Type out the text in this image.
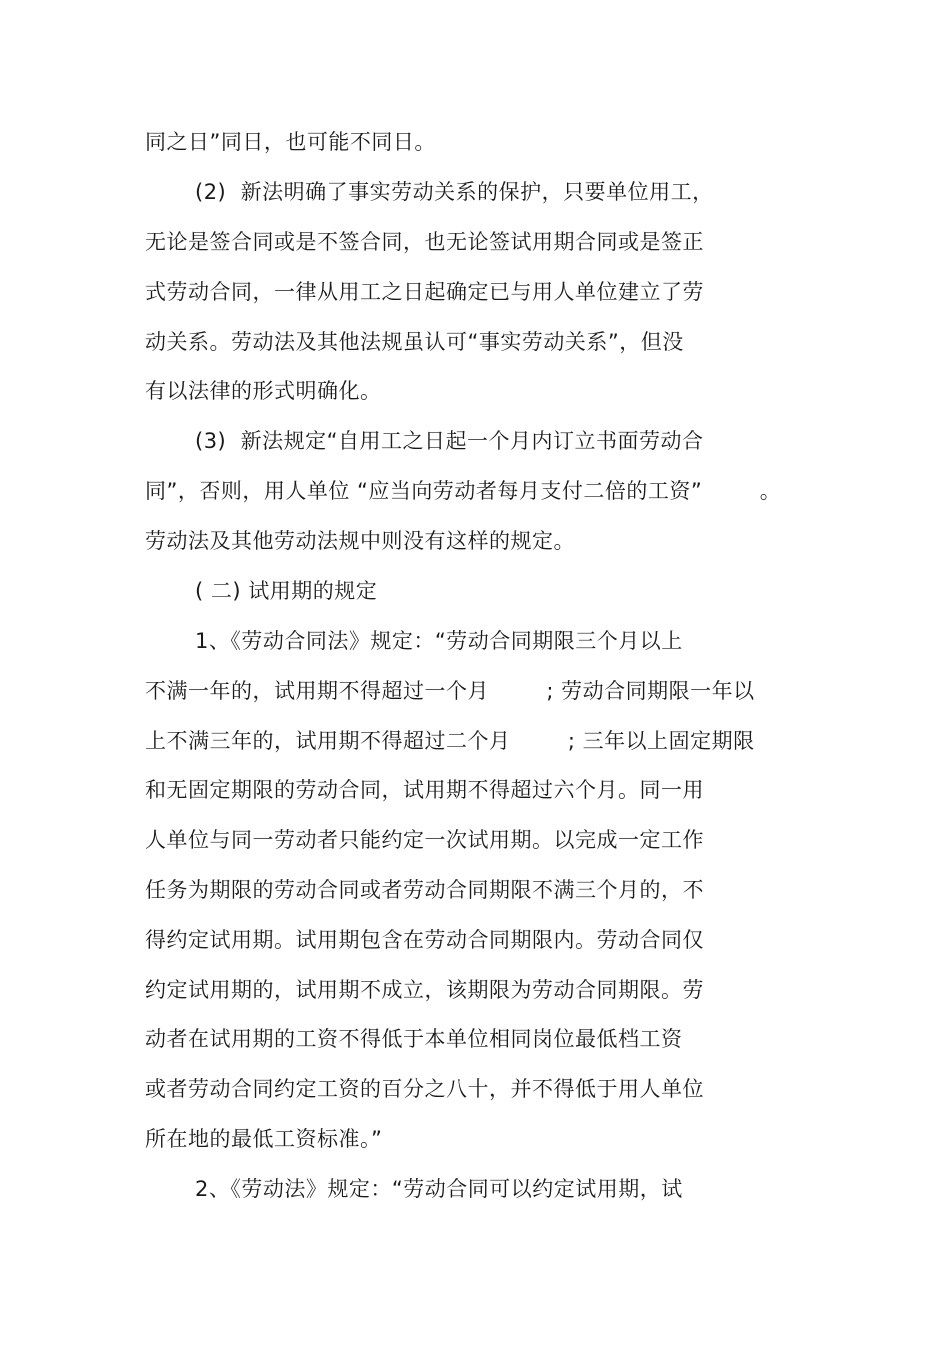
同之日”同日，也可能不同日。
(2)  新法明确了事实劳动关系的保护，只要单位用工，
无论是签合同或是不签合同，也无论签试用期合同或是签正
式劳动合同，一律从用工之日起确定已与用人单位建立了劳
动关系。劳动法及其他法规虽认可“事实劳动关系”，但没
有以法律的形式明确化。
(3)  新法规定“自用工之日起一个月内订立书面劳动合
同”，否则，用人单位 “应当向劳动者每月支付二倍的工资”        。
劳动法及其他劳动法规中则没有这样的规定。
( 二) 试用期的规定
1、《劳动合同法》规定：“劳动合同期限三个月以上
不满一年的，试用期不得超过一个月        ; 劳动合同期限一年以
上不满三年的，试用期不得超过二个月        ; 三年以上固定期限
和无固定期限的劳动合同，试用期不得超过六个月。同一用
人单位与同一劳动者只能约定一次试用期。以完成一定工作
任务为期限的劳动合同或者劳动合同期限不满三个月的，不
得约定试用期。试用期包含在劳动合同期限内。劳动合同仅
约定试用期的，试用期不成立，该期限为劳动合同期限。劳
动者在试用期的工资不得低于本单位相同岗位最低档工资
或者劳动合同约定工资的百分之八十，并不得低于用人单位
所在地的最低工资标准。”
2、《劳动法》规定：“劳动合同可以约定试用期，试
